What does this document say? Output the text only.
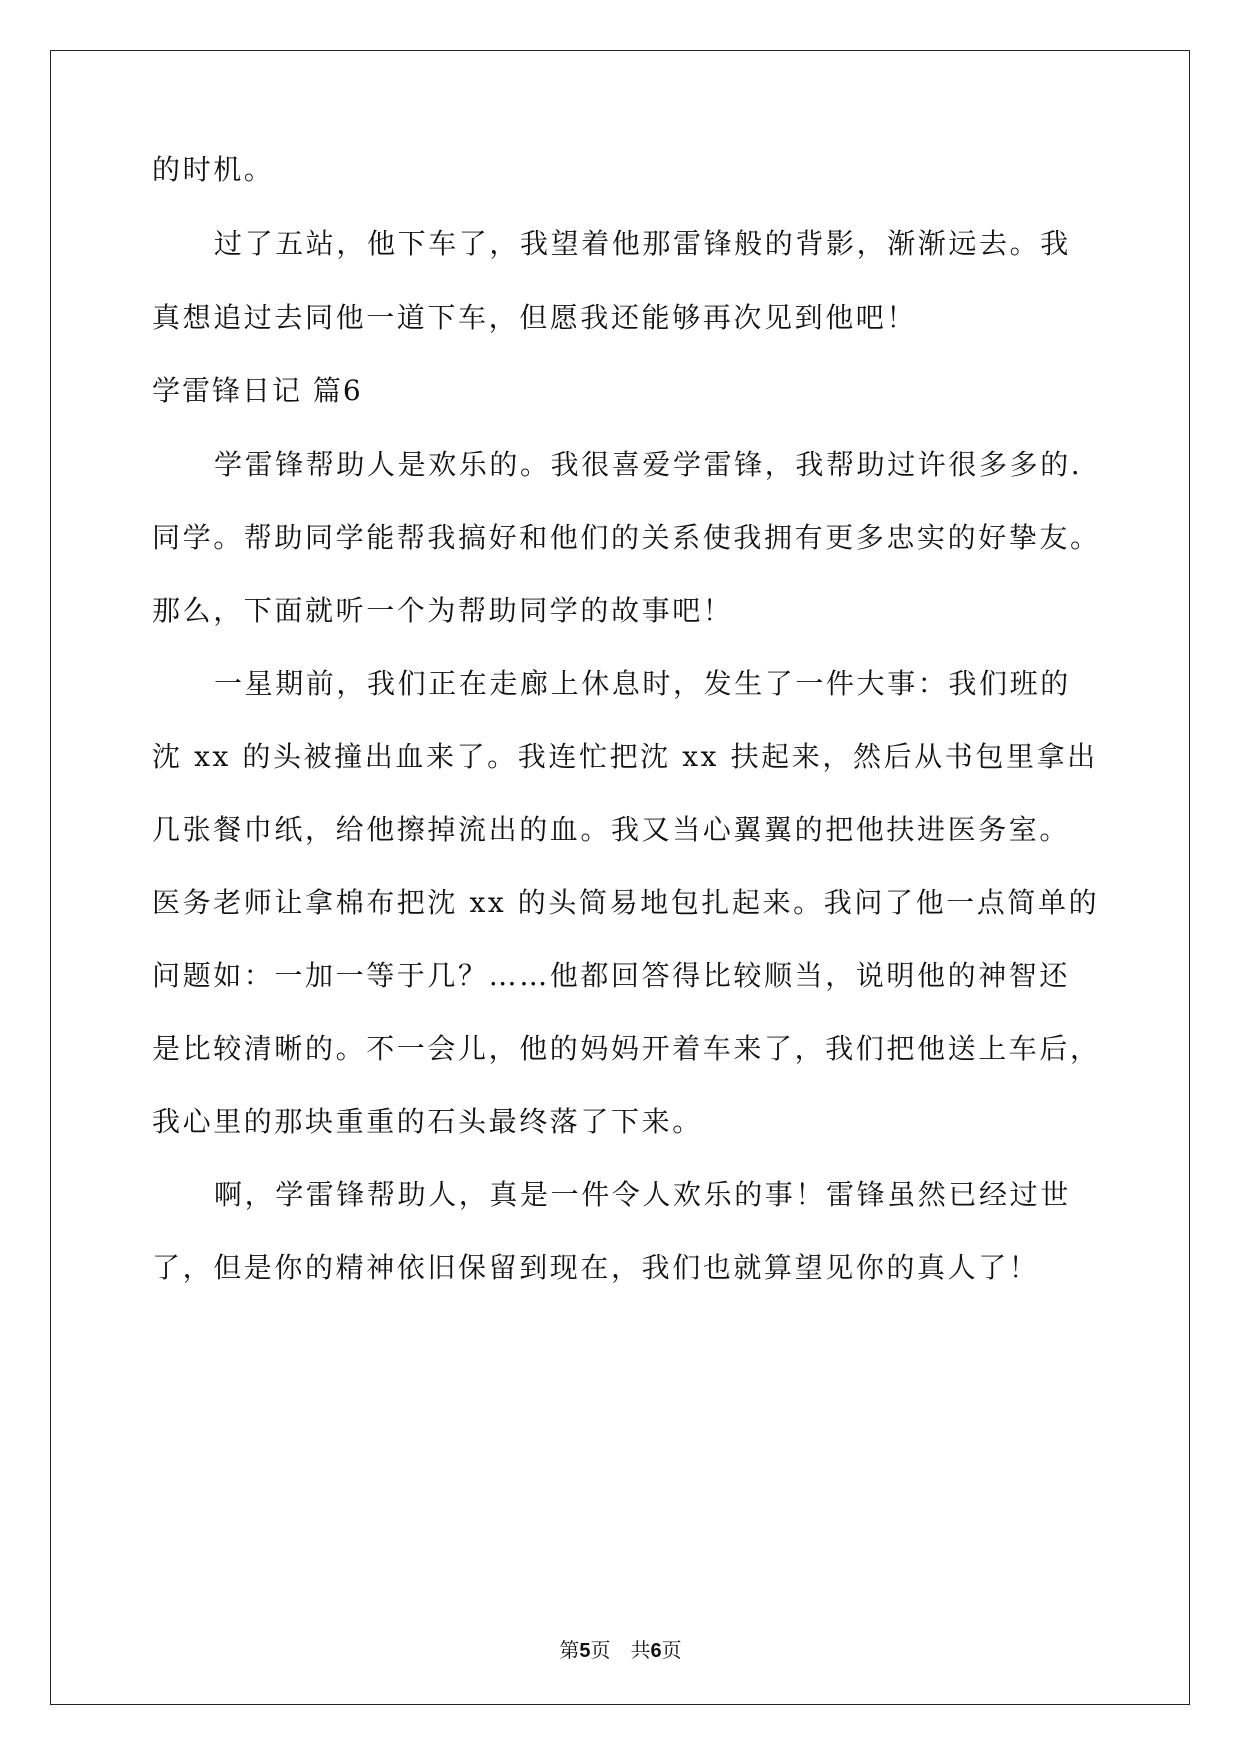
的时机。
过了五站，他下车了，我望着他那雷锋般的背影，渐渐远去。我
真想追过去同他一道下车，但愿我还能够再次见到他吧！
学雷锋日记 篇6
学雷锋帮助人是欢乐的。我很喜爱学雷锋，我帮助过许很多多的.
同学。帮助同学能帮我搞好和他们的关系使我拥有更多忠实的好挚友。
那么，下面就听一个为帮助同学的故事吧！
一星期前，我们正在走廊上休息时，发生了一件大事：我们班的
沈 xx 的头被撞出血来了。我连忙把沈 xx 扶起来，然后从书包里拿出
几张餐巾纸，给他擦掉流出的血。我又当心翼翼的把他扶进医务室。
医务老师让拿棉布把沈 xx 的头简易地包扎起来。我问了他一点简单的
问题如：一加一等于几？……他都回答得比较顺当，说明他的神智还
是比较清晰的。不一会儿，他的妈妈开着车来了，我们把他送上车后，
我心里的那块重重的石头最终落了下来。
啊，学雷锋帮助人，真是一件令人欢乐的事！雷锋虽然已经过世
了，但是你的精神依旧保留到现在，我们也就算望见你的真人了！
第5页　共6页
